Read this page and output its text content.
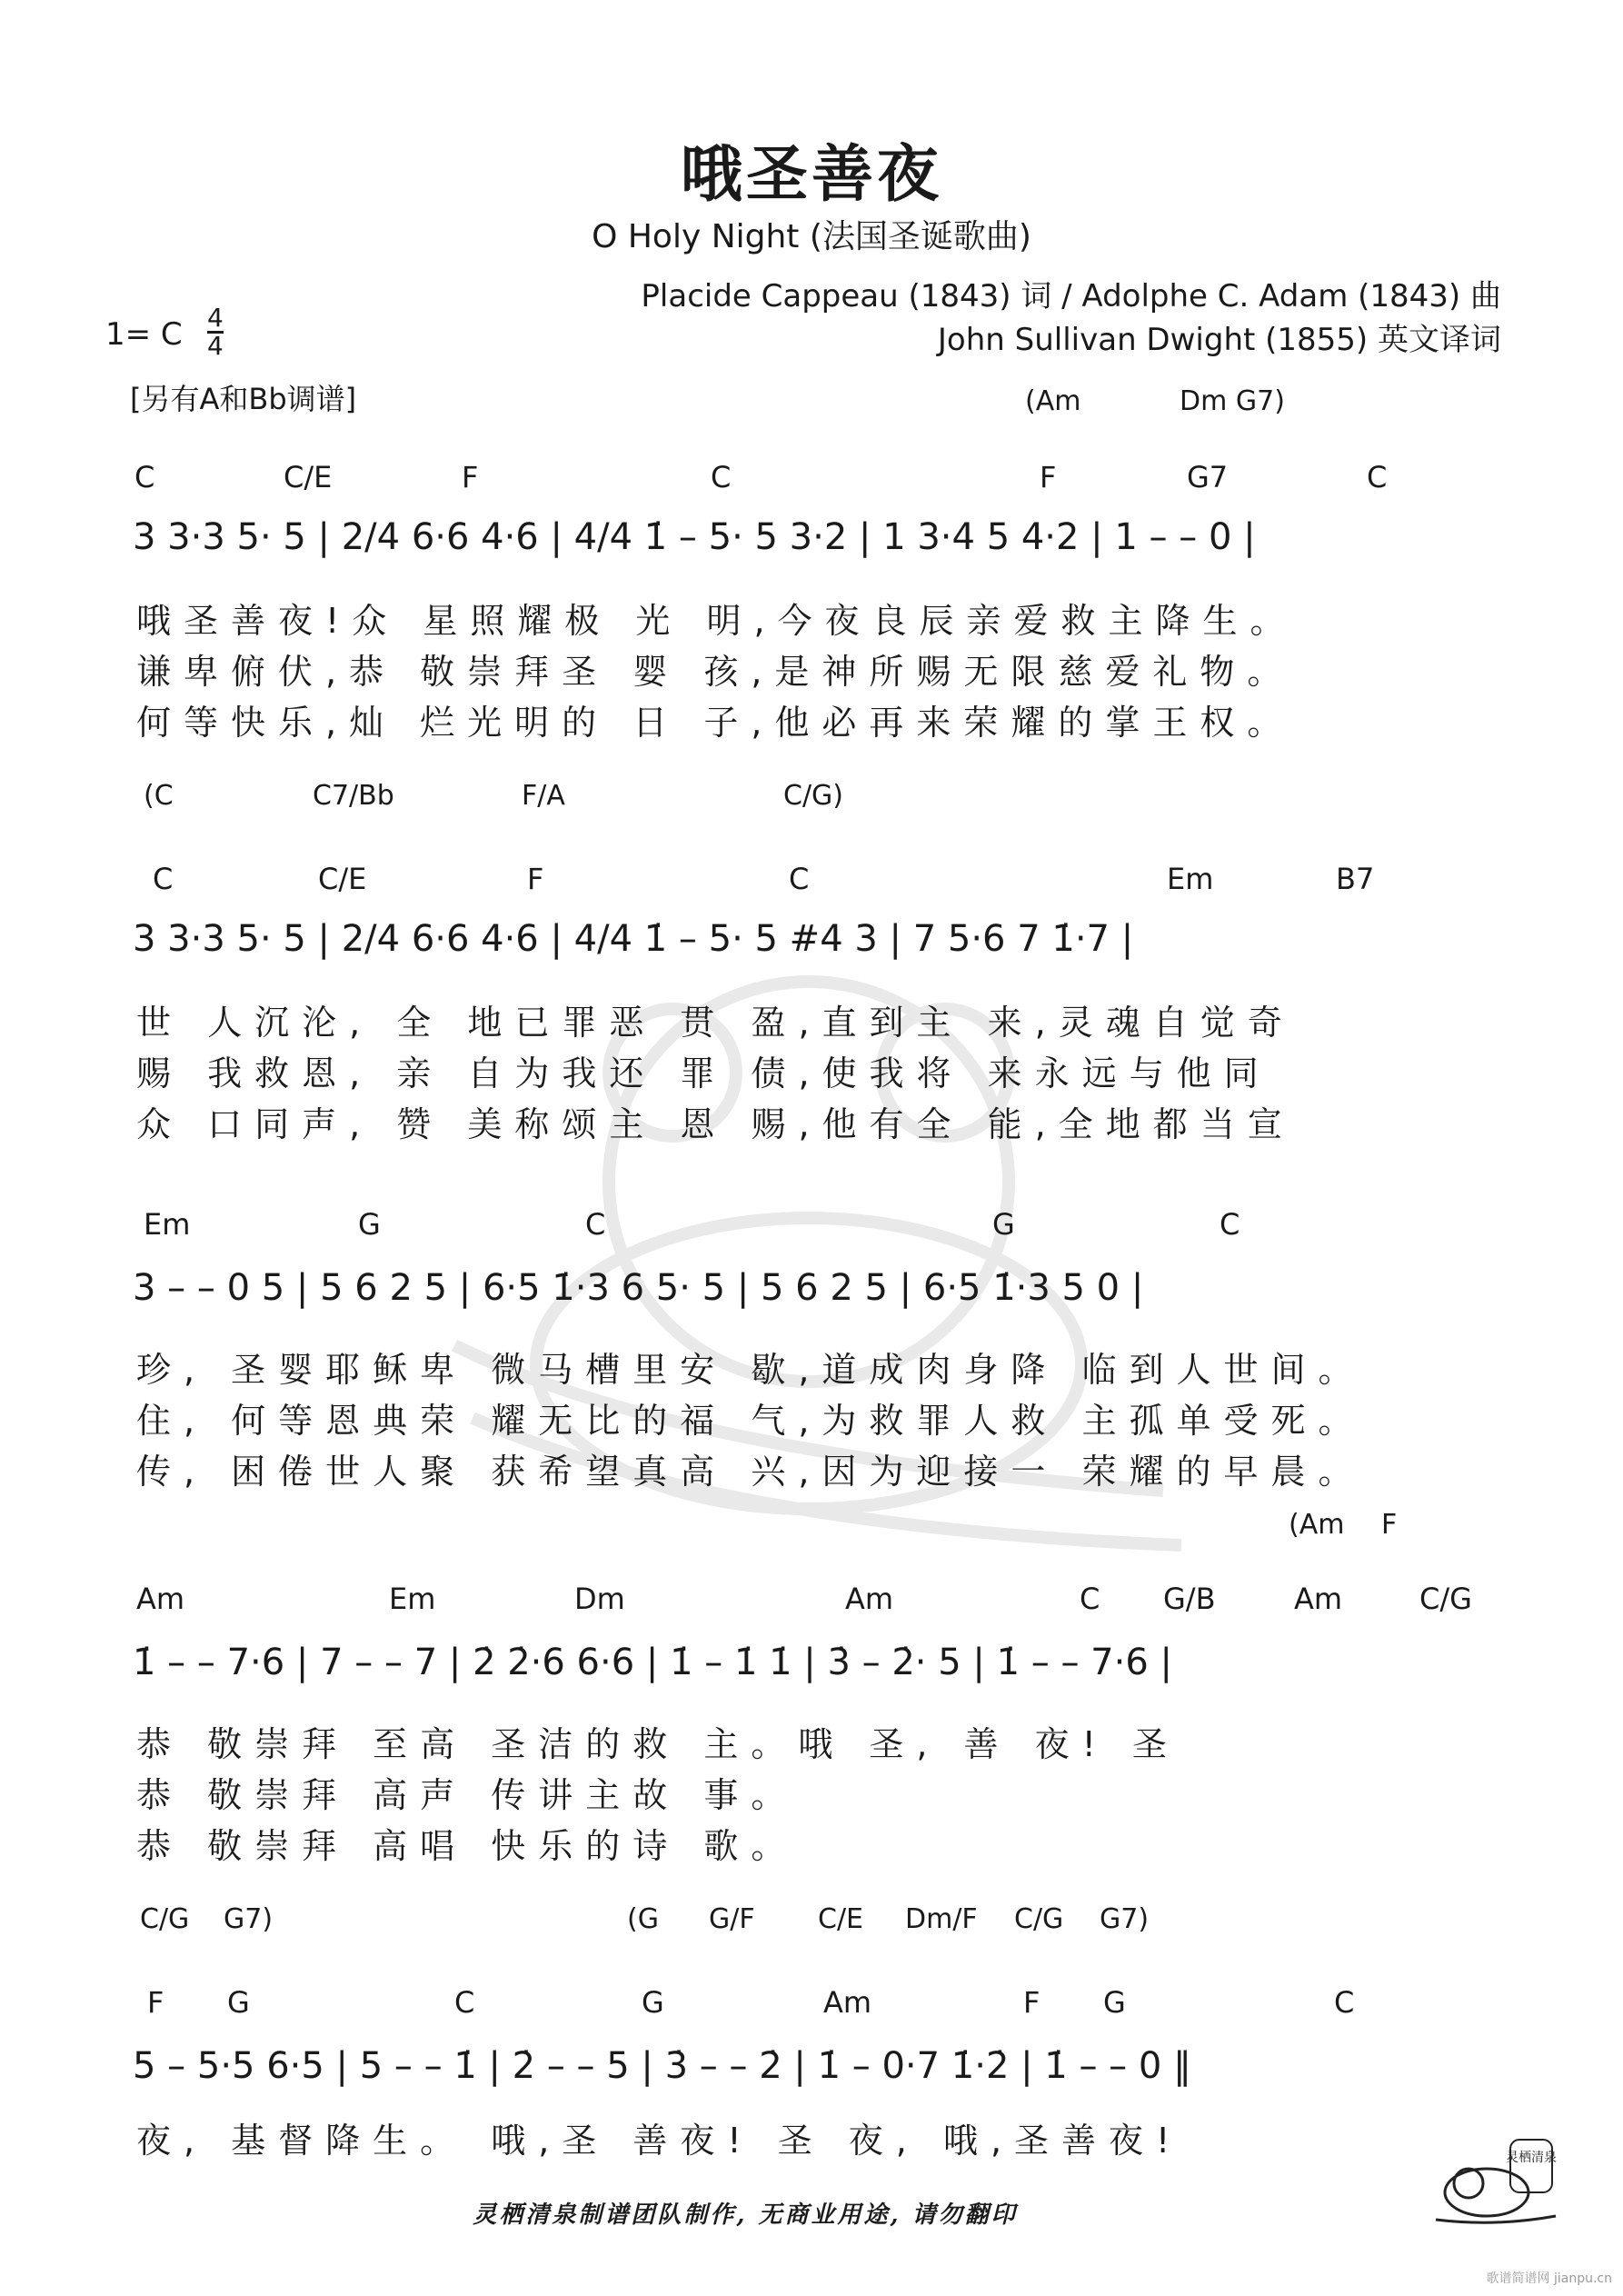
哦圣善夜
O Holy Night (法国圣诞歌曲)
Placide Cappeau (1843) 词 / Adolphe C. Adam (1843) 曲
John Sullivan Dwight (1855) 英文译词
1= C 4
4
[另有A和Bb调谱]	(Am	Dm G7)
C	C/E	F	C	F	G7	C
3 3·3 5· 5 | 2/4 6·6 4·6 | 4/4 1̇ – 5· 5 3·2 | 1 3·4 5 4·2 | 1 – – 0 |
哦圣善夜!众 星照耀极 光 明,今夜良辰亲爱救主降生。
谦卑俯伏,恭 敬崇拜圣 婴 孩,是神所赐无限慈爱礼物。
何等快乐,灿 烂光明的 日 子,他必再来荣耀的掌王权。
(C	C7/Bb	F/A	C/G)
C	C/E	F	C	Em	B7
3 3·3 5· 5 | 2/4 6·6 4·6 | 4/4 1̇ – 5· 5 #4 3 | 7 5·6 7 1̇·7 |
世 人沉沦, 全 地已罪恶 贯 盈,直到主 来,灵魂自觉奇
赐 我救恩, 亲 自为我还 罪 债,使我将 来永远与他同
众 口同声, 赞 美称颂主 恩 赐,他有全 能,全地都当宣
Em	G	C	G	C
3 – – 0 5 | 5 6 2 5 | 6·5 1̇·3 6 5· 5 | 5 6 2 5 | 6·5 1̇·3 5 0 |
珍, 圣婴耶稣卑 微马槽里安 歇,道成肉身降 临到人世间。
住, 何等恩典荣 耀无比的福 气,为救罪人救 主孤单受死。
传, 困倦世人聚 获希望真高 兴,因为迎接一 荣耀的早晨。
(Am F
Am	Em	Dm	Am	C G/B	Am	C/G
1̇ – – 7·6 | 7 – – 7 | 2̇ 2̇·6 6·6 | 1̇ – 1̇ 1̇ | 3̇ – 2̇· 5 | 1̇ – – 7·6 |
恭 敬崇拜 至高 圣洁的救 主。哦 圣, 善 夜! 圣
恭 敬崇拜 高声 传讲主故 事。
恭 敬崇拜 高唱 快乐的诗 歌。
C/G G7)	(G G/F C/E Dm/F C/G G7)
F G	C	G	Am	F G	C
5 – 5·5 6·5 | 5 – – 1̇ | 2̇ – – 5 | 3̇ – – 2̇ | 1̇ – 0·7 1̇·2̇ | 1̇ – – 0 ‖
夜, 基督降生。 哦,圣 善夜! 圣 夜, 哦,圣善夜!	灵栖清泉
灵栖清泉制谱团队制作, 无商业用途, 请勿翻印
歌谱简谱网 jianpu.cn
